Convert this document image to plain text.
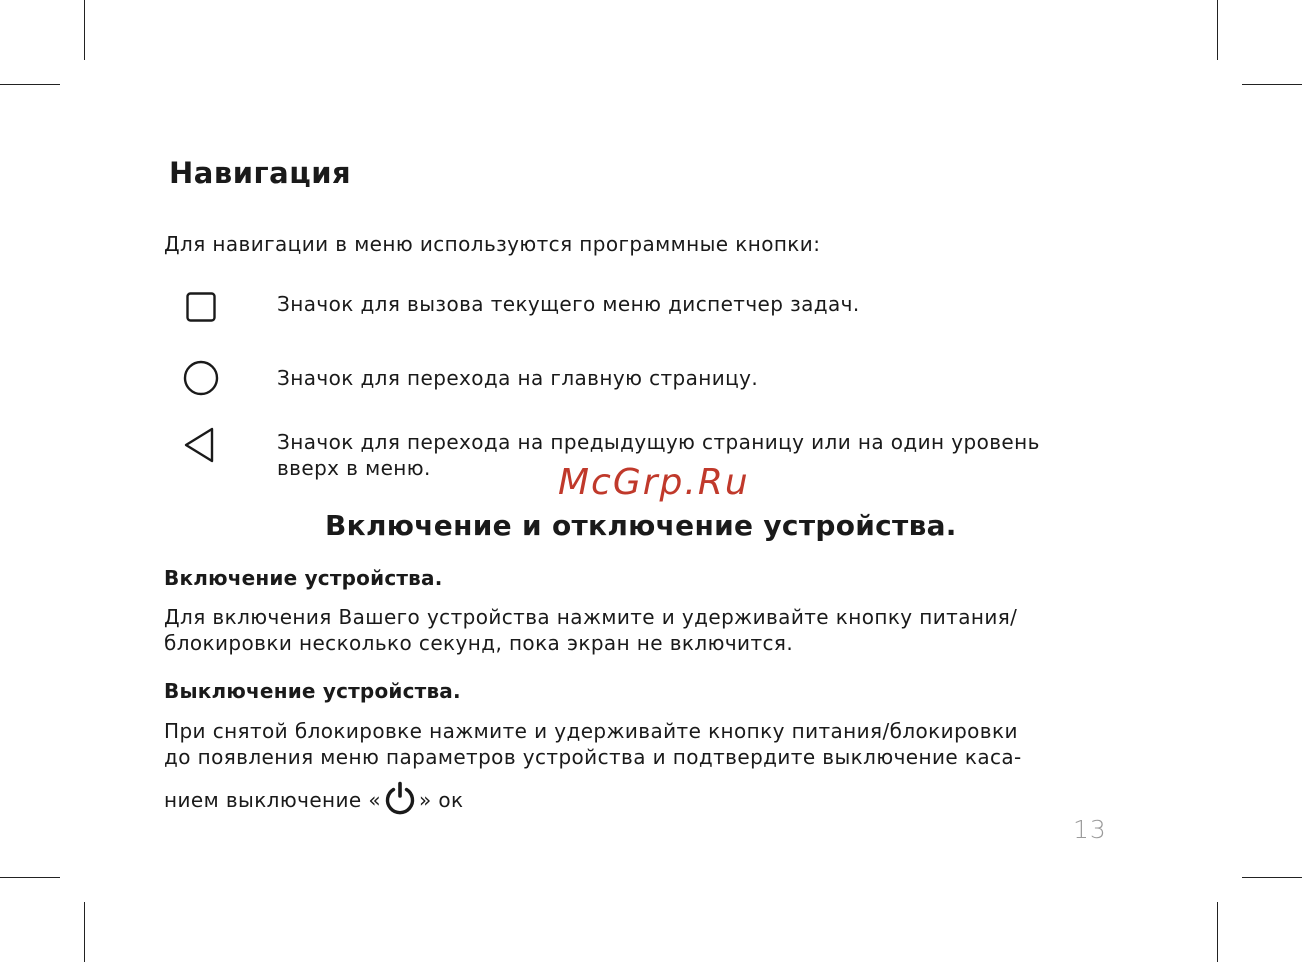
Навигация
Для навигации в меню используются программные кнопки:
Значок для вызова текущего меню диспетчер задач.
Значок для перехода на главную страницу.
Значок для перехода на предыдущую страницу или на один уровень
вверх в меню.	McGrp.Ru
Включение и отключение устройства.
Включение устройства.
Для включения Вашего устройства нажмите и удерживайте кнопку питания/
блокировки несколько секунд, пока экран не включится.
Выключение устройства.
При снятой блокировке нажмите и удерживайте кнопку питания/блокировки
до появления меню параметров устройства и подтвердите выключение каса-
нием выключение « » ок
13
